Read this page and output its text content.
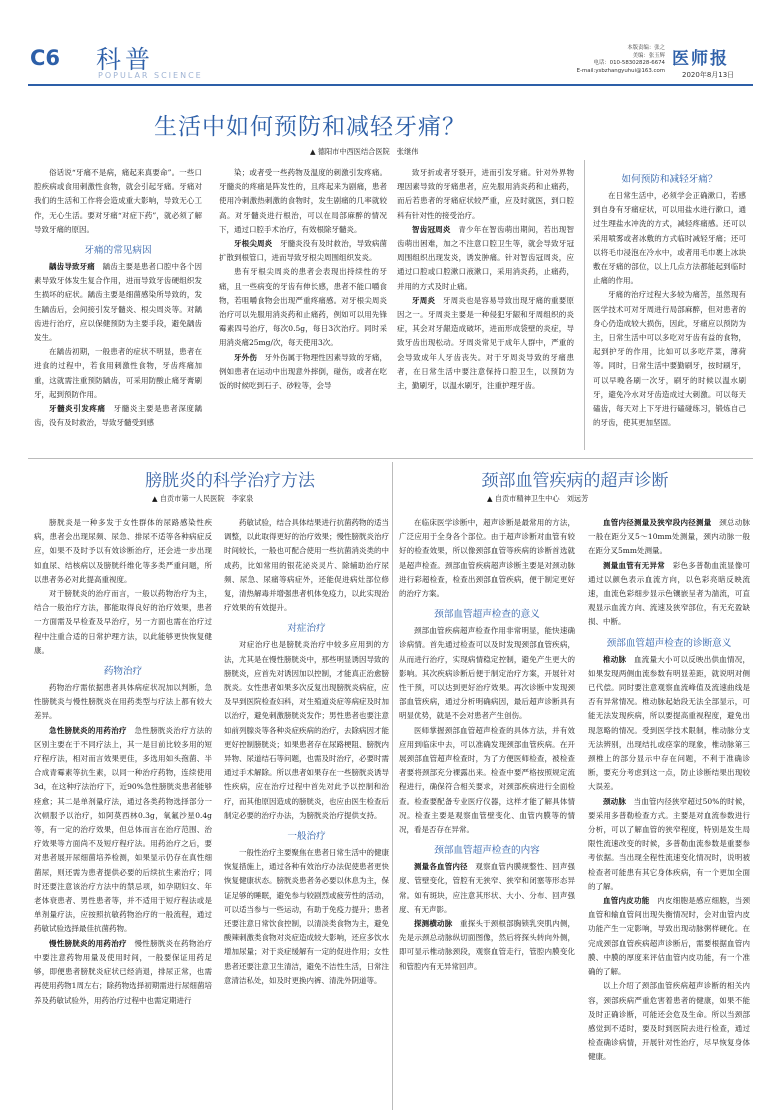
C6 科普
POPULAR SCIENCE
本版责编：张之
美编：张玉辉
电话：010-58302828-6674
E-mail:ysbzhangyuhui@163.com
医师报
2020年8月13日
生活中如何预防和减轻牙痛？
▲ 德阳市中西医结合医院　张继伟

俗话说“牙痛不是病，痛起来真要命”。一些口腔疾病或食用刺激性食物，就会引起牙痛。牙痛对我们的生活和工作将会造成重大影响，导致无心工作，无心生活。要对牙痛“对症下药”，就必须了解导致牙痛的原因。

牙痛的常见病因

龋齿导致牙痛　龋齿主要是患者口腔中各个因素导致牙体发生复合作用，进而导致牙齿硬组织发生损坏的症状。龋齿主要是细菌感染所导致的，发生龋齿后，会间接引发牙髓炎、根尖周炎等。对龋齿进行治疗，应以保健预防为主要手段，避免龋齿发生。

在龋齿初期，一般患者的症状不明显，患者在进食的过程中，若食用刺激性食物，牙齿疼痛加重，这就需注重预防龋齿，可采用防酸止痛牙膏刷牙，起到预防作用。

牙髓炎引发疼痛　牙髓炎主要是患者深度龋齿，没有及时救治，导致牙髓受到感

染；或者受一些药物及温度的刺激引发疼痛。牙髓炎的疼痛是阵发性的，且疼起来为剧痛，患者使用冷刺激热刺激的食物时，发生剧痛的几率就较高。对牙髓炎进行根治，可以在局部麻醉的情况下，通过口腔手术治疗，有效根除牙髓炎。

牙根尖周炎　牙髓炎没有及时救治，导致病菌扩散到根管口，进而导致牙根尖周围组织发炎。

患有牙根尖周炎的患者会表现出持续性的牙痛，且一些病变的牙齿有伸长感，患者不能口嚼食物，若咀嚼食物会出现严重疼痛感。对牙根尖周炎治疗可以先服用消炎药和止痛药，例如可以用先锋霉素四号治疗，每次0.5g，每日3次治疗。同时采用消炎痛25mg/次，每天使用3次。

牙外伤　牙外伤属于物理性因素导致的牙痛，例如患者在运动中出现意外摔倒，碰伤，或者在吃饭的时候吃到石子、砂粒等，会导

致牙折或者牙裂开，进而引发牙痛。针对外界物理因素导致的牙痛患者，应先服用消炎药和止痛药，而后若患者的牙痛症状较严重，应及时就医，到口腔科有针对性的接受治疗。

智齿冠周炎　青少年在智齿萌出期间，若出现智齿萌出困难，加之不注意口腔卫生等，就会导致牙冠周围组织出现发炎，诱发肿痛。针对智齿冠周炎，应通过口腔或口腔漱口液漱口，采用消炎药，止痛药，并用的方式及时止痛。

牙周炎　牙周炎也是容易导致出现牙痛的重要原因之一。牙周炎主要是一种侵犯牙龈和牙周组织的炎症，其会对牙龈造成破坏，进而形成袋壁的炎症，导致牙齿出现松动。牙周炎常见于成年人群中，严重的会导致成年人牙齿丧失。对于牙周炎导致的牙痛患者，在日常生活中要注意保持口腔卫生，以预防为主，勤刷牙，以温水刷牙，注重护理牙齿。

如何预防和减轻牙痛？

在日常生活中，必须学会正确漱口，若感到自身有牙痛症状，可以用盐水进行漱口，通过生理盐水冲洗的方式，减轻疼痛感。还可以采用喷雾或者冰敷的方式临时减轻牙痛；还可以将毛巾浸泡在冷水中，或者用毛巾裹上冰块敷在牙痛的部位，以上几点方法都能起到临时止痛的作用。

牙痛的治疗过程大多较为痛苦，虽然现有医学技术可对牙周进行局部麻醉，但对患者的身心仍造成较大损伤，因此，牙痛应以预防为主，日常生活中可以多吃对牙齿有益的食物，起到护牙的作用，比如可以多吃芹菜，薄荷等。同时，日常生活中要勤刷牙，按时刷牙，可以早晚各刷一次牙，刷牙的时候以温水刷牙，避免冷水对牙齿造成过大刺激。可以每天磕齿，每天对上下牙进行磕碰练习，锻炼自己的牙齿，使其更加坚固。

膀胱炎的科学治疗方法
▲ 自贡市第一人民医院　李家泉

膀胱炎是一种多发于女性群体的尿路感染性疾病，患者会出现尿频、尿急、排尿不适等各种病症反应，如果不及时予以有效诊断治疗，还会进一步出现如血尿、结核病以及膀胱纤维化等多类严重问题，所以患者务必对此提高重视度。

对于膀胱炎的治疗而言，一般以药物治疗为主，结合一般治疗方法，都能取得良好的治疗效果，患者一方面需及早检查及早治疗，另一方面也需在治疗过程中注重合适的日常护理方法，以此能够更快恢复健康。

药物治疗

药物治疗需依据患者具体病症状况加以判断，急性膀胱炎与慢性膀胱炎在用药类型与疗法上都有较大差异。

急性膀胱炎的用药治疗　急性膀胱炎治疗方法的区别主要在于不同疗法上，其一是目前比较多用的短疗程疗法，相对而言效果更佳，多选用如头孢菌、半合成青霉素等抗生素，以同一种治疗药物，连续使用3d，在这种疗法治疗下，近90%急性膀胱炎患者能够痊愈；其二是单剂量疗法，通过各类药物选择部分一次顿服予以治疗，如阿莫西林0.3g，氧氟沙星0.4g等，有一定的治疗效果，但总体而言在治疗范围、治疗效果等方面尚不及短疗程疗法。用药治疗之后，要对患者展开尿细菌培养检测，如果显示仍存在真性细菌尿，则还需为患者提供必要的后续抗生素治疗；同时还要注意该治疗方法中的禁忌项，如孕期妇女、年老体衰患者、男性患者等，并不适用于短疗程法或是单剂量疗法，应按照抗敏药物治疗的一般流程，通过药敏试验选择最佳抗菌药物。

慢性膀胱炎的用药治疗　慢性膀胱炎在药物治疗中要注意药物用量及使用时间，一般要保证用药足够，即便患者膀胱炎症状已经消退，排尿正常，也需再使用药物1周左右；除药物选择初期需进行尿细菌培养及药敏试验外，用药治疗过程中也需定期进行

药敏试验，结合具体结果进行抗菌药物的适当调整，以此取得更好的治疗效果；慢性膀胱炎治疗时间较长，一般也可配合使用一些抗菌消炎类的中成药，比如常用的银花泌炎灵片、除辅助治疗尿频、尿急、尿痛等病症外，还能促进病灶部位修复，清热解毒并增强患者机体免疫力，以此实现治疗效果的有效提升。

对症治疗

对症治疗也是膀胱炎治疗中较多应用到的方法，尤其是在慢性膀胱炎中，那些明显诱因导致的膀胱炎，应首先对诱因加以控制，才能真正治愈膀胱炎。女性患者如果多次反复出现膀胱炎病症，应及早到医院检查妇科，对生殖道炎症等病症及时加以治疗，避免刺激膀胱炎发作；男性患者也要注意如前列腺炎等各种炎症疾病的治疗，去除病因才能更好控制膀胱炎；如果患者存在尿路梗阻、膀胱内异物、尿道结石等问题，也需及时治疗，必要时需通过手术解除。所以患者如果存在一些膀胱炎诱导性疾病，应在治疗过程中首先对此予以控制和治疗，而其他原因造成的膀胱炎，也应由医生检查后制定必要的治疗办法，为膀胱炎治疗提供支持。

一般治疗

一般性治疗主要聚焦在患者日常生活中的健康恢复措施上，通过各种有效治疗办法促使患者更快恢复健康状态。膀胱炎患者务必要以休息为主，保证足够的睡眠，避免参与较剧烈或疲劳性的活动，可以适当参与一些运动，有助于免疫力提升；患者还要注意日常饮食控制，以清淡类食物为主，避免酸辣刺激类食物对炎症造成较大影响，还应多饮水增加尿量；对于炎症缓解有一定的促进作用；女性患者还要注意卫生清洁，避免不洁性生活，日常注意清洁私处，如及时更换内裤、清洗外阴道等。

颈部血管疾病的超声诊断
▲ 自贡市精神卫生中心　刘远芳

在临床医学诊断中，超声诊断是最常用的方法，广泛应用于全身各个部位。由于超声诊断对血管有较好的检查效果，所以像颈部血管等疾病的诊断首选就是超声检查。颈部血管疾病超声诊断主要是对颈动脉进行彩超检查，检查出颈部血管疾病，便于制定更好的治疗方案。

颈部血管超声检查的意义

颈部血管疾病超声检查作用非常明显，能快速确诊病情。首先通过检查可以及时发现颈部血管疾病，从而进行治疗，实现病情稳定控制，避免产生更大的影响。其次疾病诊断后便于制定治疗方案，开展针对性干预，可以达到更好治疗效果。再次诊断中发现颈部血管疾病，通过分析明确病因，最后超声诊断具有明显优势，就是不会对患者产生创伤。

医师掌握颈部血管超声检查的具体方法，并有效应用到临床中去，可以准确发现颈部血管疾病。在开展颈部血管超声检查时，为了方便医师检查，被检查者要将颈部充分裸露出来。检查中要严格按照规定流程进行，确保符合相关要求，对颈部疾病进行全面检查。检查要配备专业医疗仪器，这样才能了解具体情况。检查主要是观察血管壁变化、血管内膜等的情况，看是否存在异常。

颈部血管超声检查的内容

测量各血管内径　观察血管内膜规整性、回声强度、管壁变化，管腔有无狭窄、狭窄和闭塞等形态异常。如有斑块，应注意其形状、大小、分布、回声强度、有无声影。

探测横动脉　重探头于颈根部胸锁乳突肌内侧，先是示颈总动脉纵切面图像，然后将探头转向外侧，即可显示椎动脉颈段，观察血管走行，管腔内膜变化和管腔内有无异常回声。

血管内径测量及狭窄段内径测量　颈总动脉一般在距分叉5～10mm处测量，颈内动脉一般在距分叉5mm处测量。

测量血管有无异常　彩色多普勒血流显像可通过以颜色表示血流方向，以色彩亮暗反映流速，血流色彩细步显示色镶嵌呈者为湍流，可直观显示血流方向、流速及狭窄部位，有无充盈缺损、中断。

颈部血管超声检查的诊断意义

椎动脉　血流量大小可以反映出供血情况，如果发现两侧血流参数有明显差距，就说明对侧已代偿。同时要注意观察血流峰值及流速曲线是否有异常情况。椎动脉起始段无法全部显示，可能无法发现疾病，所以要提高重视程度，避免出现忽略的情况。受到医学技术限制，椎动脉分支无法辨别，出现结扎或痉挛的现象，椎动脉第三颈椎上的部分显示中存在问题，不利于准确诊断，要充分考虑到这一点，防止诊断结果出现较大误差。

颈动脉　当血管内径狭窄超过50%的时候，要采用多普勒检查方式。主要是对血流参数进行分析，可以了解血管的狭窄程度，特别是发生局限性流速改变的时候，多普勒血流参数是重要参考依据。当出现全程性流速变化情况时，说明被检查者可能患有其它身体疾病，有一个更加全面的了解。

血管内皮功能　内皮细胞是感应细胞，当颈血管和输血管间出现失衡情况时，会对血管内皮功能产生一定影响，导致出现动脉粥样硬化。在完成颈部血管疾病超声诊断后，需要根据血管内膜、中膜的厚度来评估血管内皮功能，有一个准确的了解。

以上介绍了颈部血管疾病超声诊断的相关内容，颈部疾病严重危害着患者的健康，如果不能及时正确诊断，可能还会危及生命。所以当颈部感觉到不适时，要及时到医院去进行检查，通过检查确诊病情，开展针对性治疗，尽早恢复身体健康。
